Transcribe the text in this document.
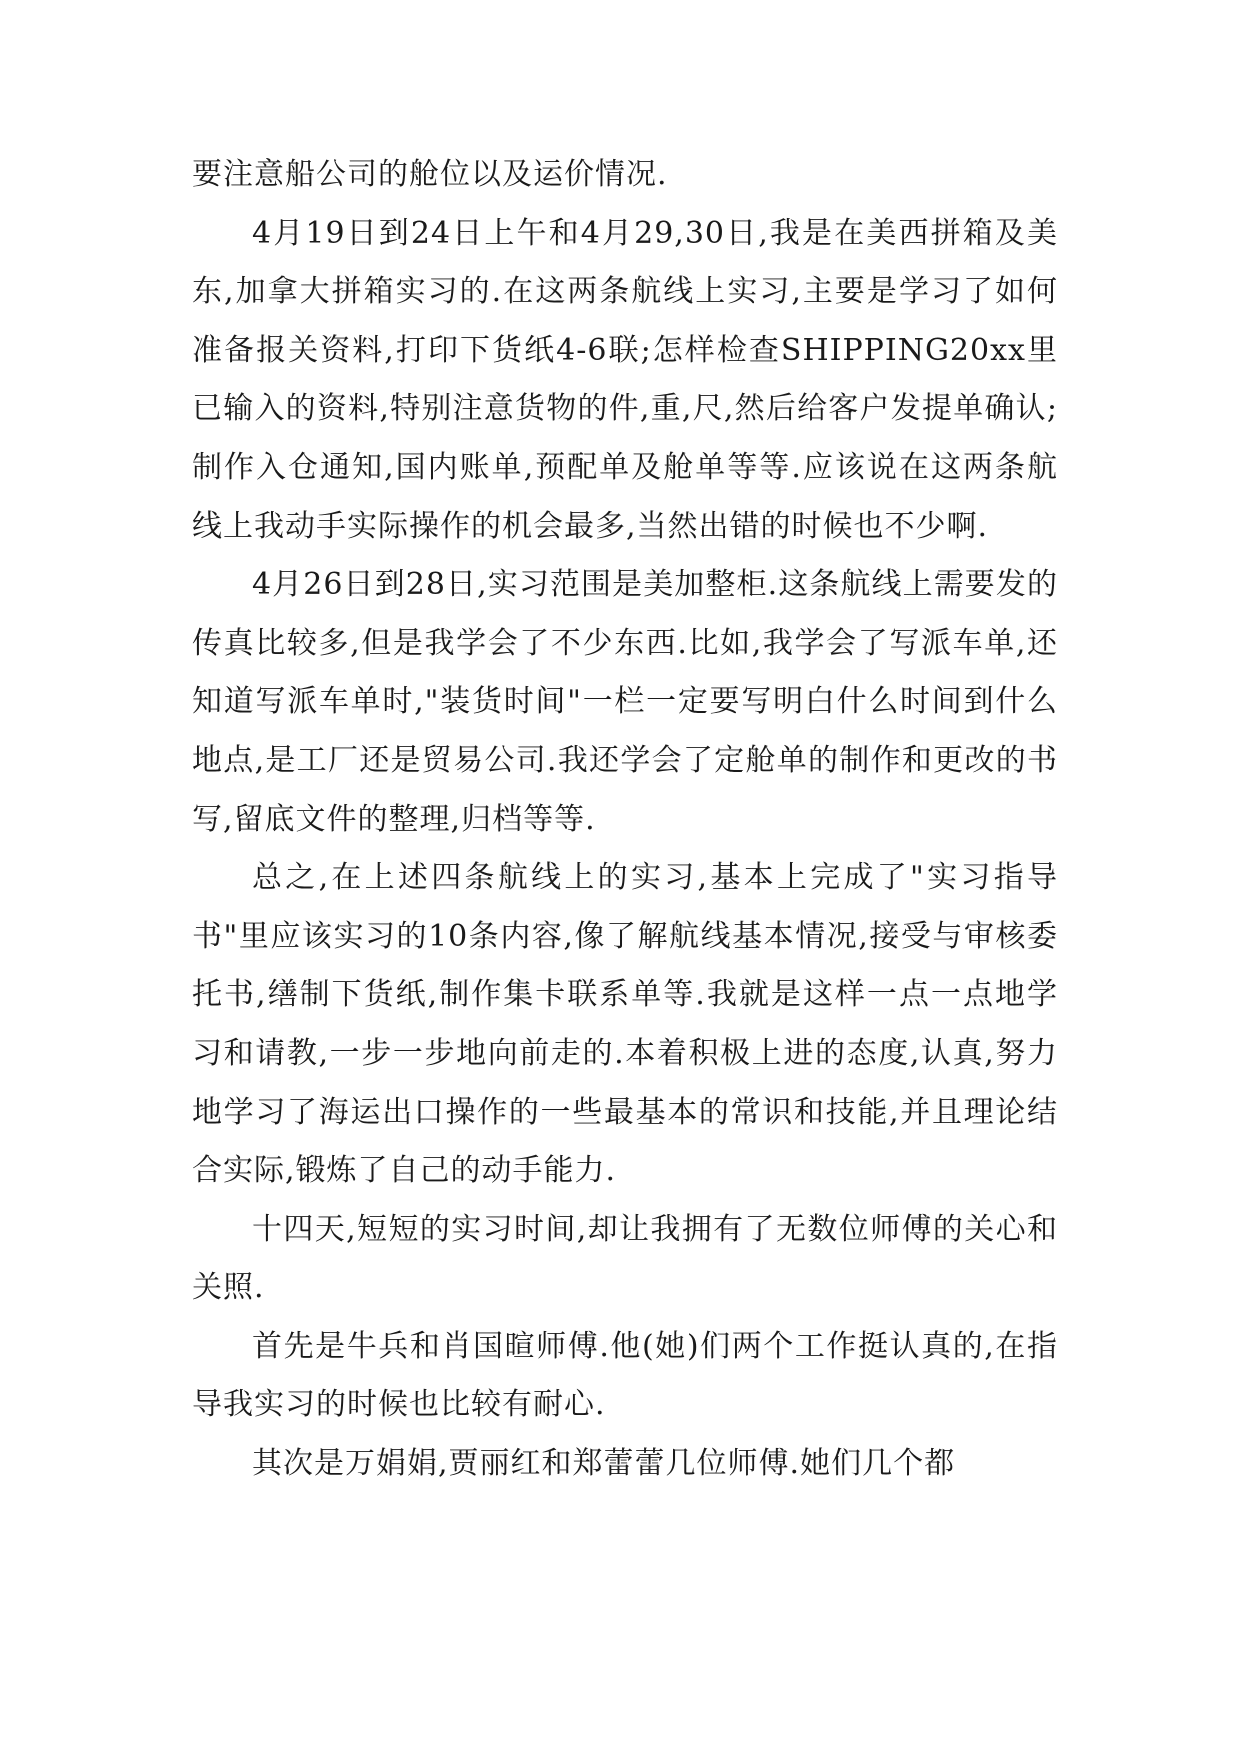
要注意船公司的舱位以及运价情况.

4月19日到24日上午和4月29,30日,我是在美西拼箱及美东,加拿大拼箱实习的.在这两条航线上实习,主要是学习了如何准备报关资料,打印下货纸4-6联;怎样检查SHIPPING20xx里已输入的资料,特别注意货物的件,重,尺,然后给客户发提单确认;制作入仓通知,国内账单,预配单及舱单等等.应该说在这两条航线上我动手实际操作的机会最多,当然出错的时候也不少啊.

4月26日到28日,实习范围是美加整柜.这条航线上需要发的传真比较多,但是我学会了不少东西.比如,我学会了写派车单,还知道写派车单时,"装货时间"一栏一定要写明白什么时间到什么地点,是工厂还是贸易公司.我还学会了定舱单的制作和更改的书写,留底文件的整理,归档等等.

总之,在上述四条航线上的实习,基本上完成了"实习指导书"里应该实习的10条内容,像了解航线基本情况,接受与审核委托书,缮制下货纸,制作集卡联系单等.我就是这样一点一点地学习和请教,一步一步地向前走的.本着积极上进的态度,认真,努力地学习了海运出口操作的一些最基本的常识和技能,并且理论结合实际,锻炼了自己的动手能力.

十四天,短短的实习时间,却让我拥有了无数位师傅的关心和关照.

首先是牛兵和肖国暄师傅.他(她)们两个工作挺认真的,在指导我实习的时候也比较有耐心.

其次是万娟娟,贾丽红和郑蕾蕾几位师傅.她们几个都
